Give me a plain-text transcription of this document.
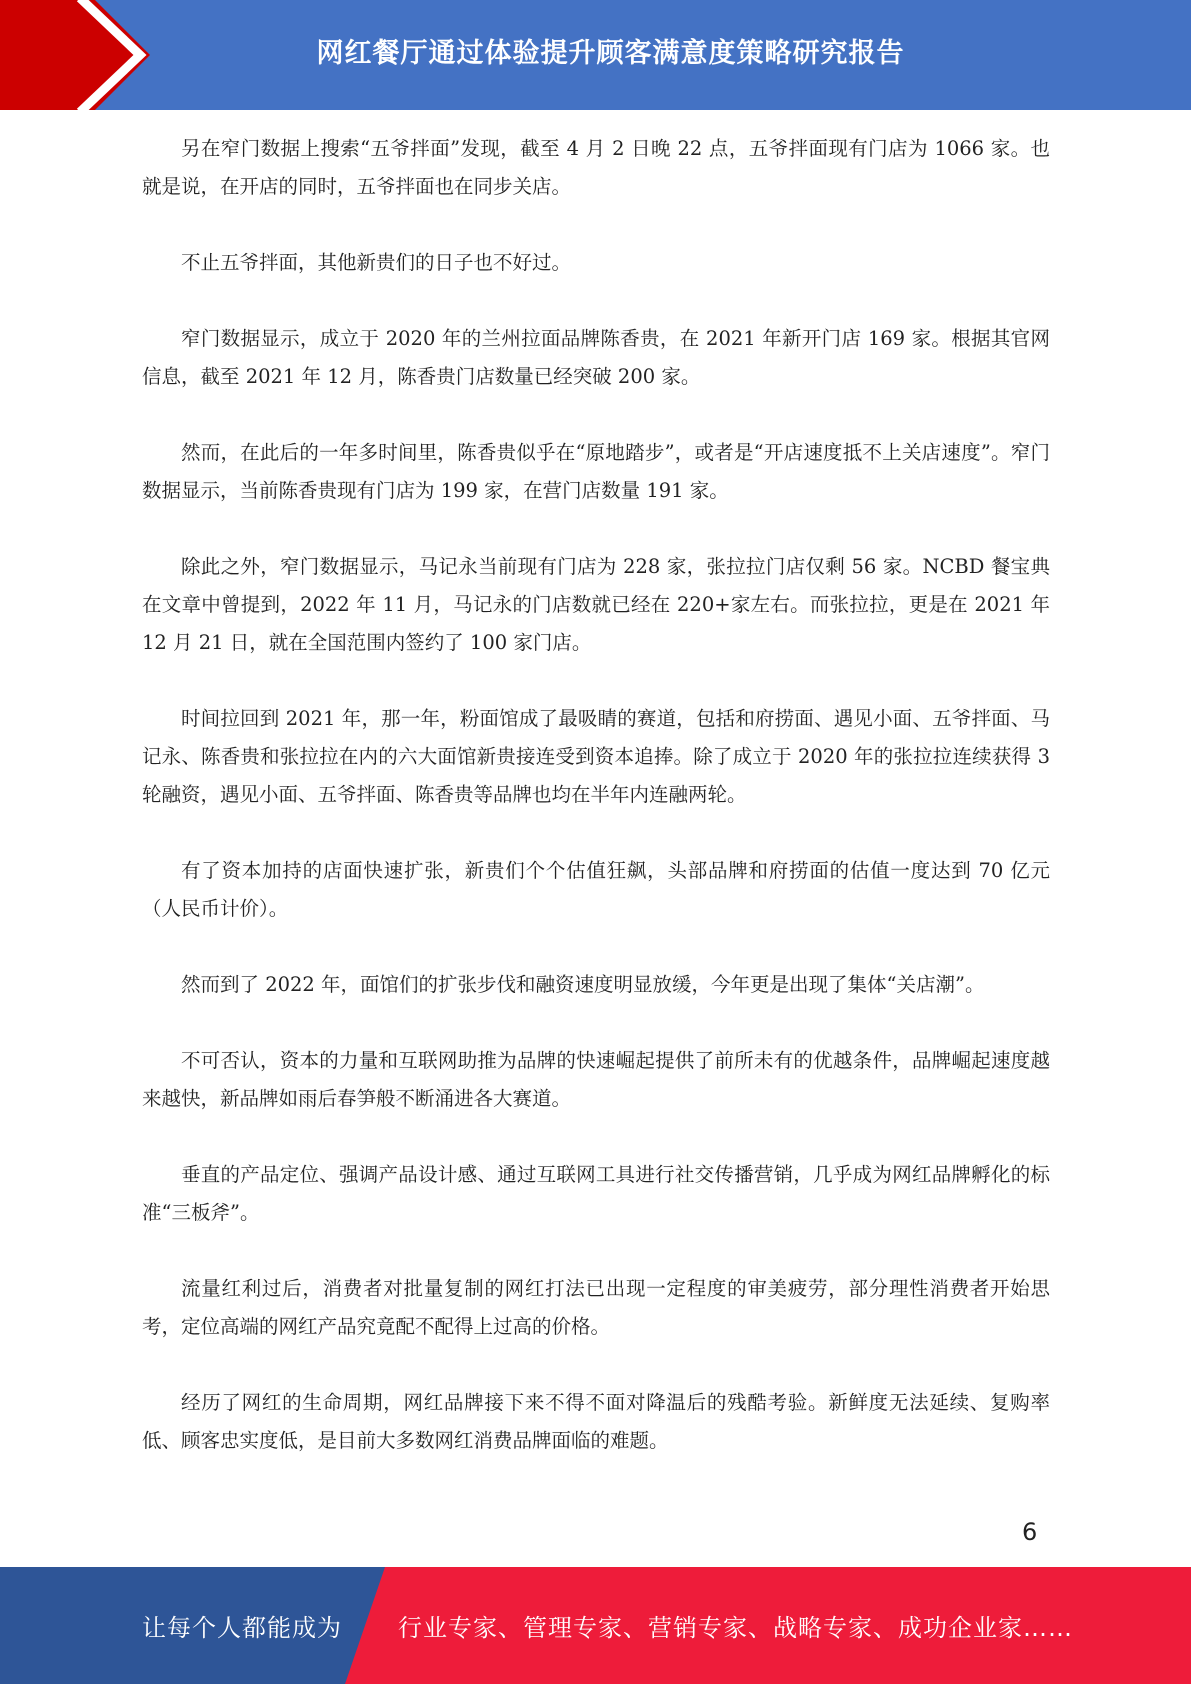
网红餐厅通过体验提升顾客满意度策略研究报告

另在窄门数据上搜索“五爷拌面”发现，截至 4 月 2 日晚 22 点，五爷拌面现有门店为 1066 家。也就是说，在开店的同时，五爷拌面也在同步关店。

不止五爷拌面，其他新贵们的日子也不好过。

窄门数据显示，成立于 2020 年的兰州拉面品牌陈香贵，在 2021 年新开门店 169 家。根据其官网信息，截至 2021 年 12 月，陈香贵门店数量已经突破 200 家。

然而，在此后的一年多时间里，陈香贵似乎在“原地踏步”，或者是“开店速度抵不上关店速度”。窄门数据显示，当前陈香贵现有门店为 199 家，在营门店数量 191 家。

除此之外，窄门数据显示，马记永当前现有门店为 228 家，张拉拉门店仅剩 56 家。NCBD 餐宝典在文章中曾提到，2022 年 11 月，马记永的门店数就已经在 220+家左右。而张拉拉，更是在 2021 年 12 月 21 日，就在全国范围内签约了 100 家门店。

时间拉回到 2021 年，那一年，粉面馆成了最吸睛的赛道，包括和府捞面、遇见小面、五爷拌面、马记永、陈香贵和张拉拉在内的六大面馆新贵接连受到资本追捧。除了成立于 2020 年的张拉拉连续获得 3 轮融资，遇见小面、五爷拌面、陈香贵等品牌也均在半年内连融两轮。

有了资本加持的店面快速扩张，新贵们个个估值狂飙，头部品牌和府捞面的估值一度达到 70 亿元（人民币计价）。

然而到了 2022 年，面馆们的扩张步伐和融资速度明显放缓，今年更是出现了集体“关店潮”。

不可否认，资本的力量和互联网助推为品牌的快速崛起提供了前所未有的优越条件，品牌崛起速度越来越快，新品牌如雨后春笋般不断涌进各大赛道。

垂直的产品定位、强调产品设计感、通过互联网工具进行社交传播营销，几乎成为网红品牌孵化的标准“三板斧”。

流量红利过后，消费者对批量复制的网红打法已出现一定程度的审美疲劳，部分理性消费者开始思考，定位高端的网红产品究竟配不配得上过高的价格。

经历了网红的生命周期，网红品牌接下来不得不面对降温后的残酷考验。新鲜度无法延续、复购率低、顾客忠实度低，是目前大多数网红消费品牌面临的难题。

6
让每个人都能成为 行业专家、管理专家、营销专家、战略专家、成功企业家……
